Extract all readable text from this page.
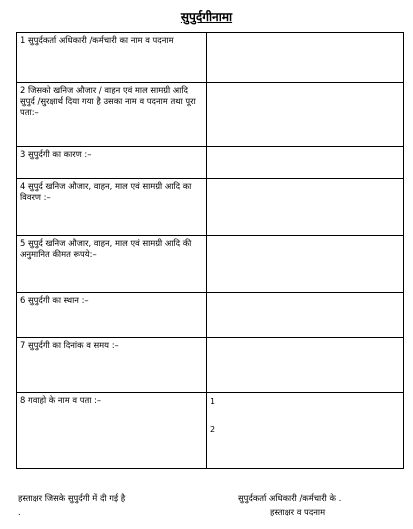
सुपुर्दगीनामा
1 सुपुर्दकर्ता अधिकारी /कर्मचारी का नाम व पदनाम	
2 जिसको खनिज औजार / वाहन एवं माल सामग्री आदि सुपुर्द /सुरक्षार्थ दिया गया है उसका नाम व पदनाम तथा पूरा पता:–	
3 सुपुर्दगी का कारण :–	
4 सुपुर्द खनिज औजार, वाहन, माल एवं सामग्री आदि का विवरण :–	
5 सुपुर्द खनिज औजार, वाहन, माल एवं सामग्री आदि की अनुमानित कीमत रूपये:–	
6 सुपुर्दगी का स्थान :–	
7 सुपुर्दगी का दिनांक व समय :–	
8 गवाहो के नाम व पता :–	1
2
हस्ताक्षर जिसके सुपुर्दगी में दी गई है
.
सुपुर्दकर्ता अधिकारी /कर्मचारी के .
हस्ताक्षर व पदनाम
